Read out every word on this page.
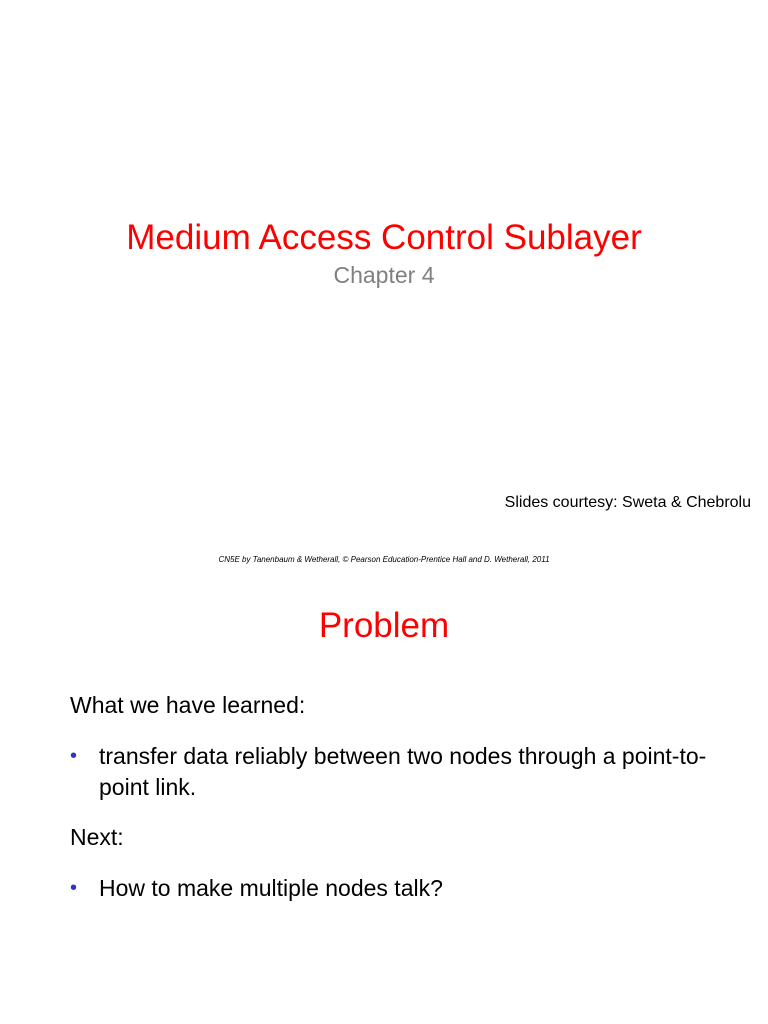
Medium Access Control Sublayer
Chapter 4
Slides courtesy: Sweta & Chebrolu
CN5E by Tanenbaum & Wetherall, © Pearson Education-Prentice Hall and D. Wetherall, 2011
Problem
What we have learned:
• transfer data reliably between two nodes through a point-to-point link.
Next:
• How to make multiple nodes talk?
